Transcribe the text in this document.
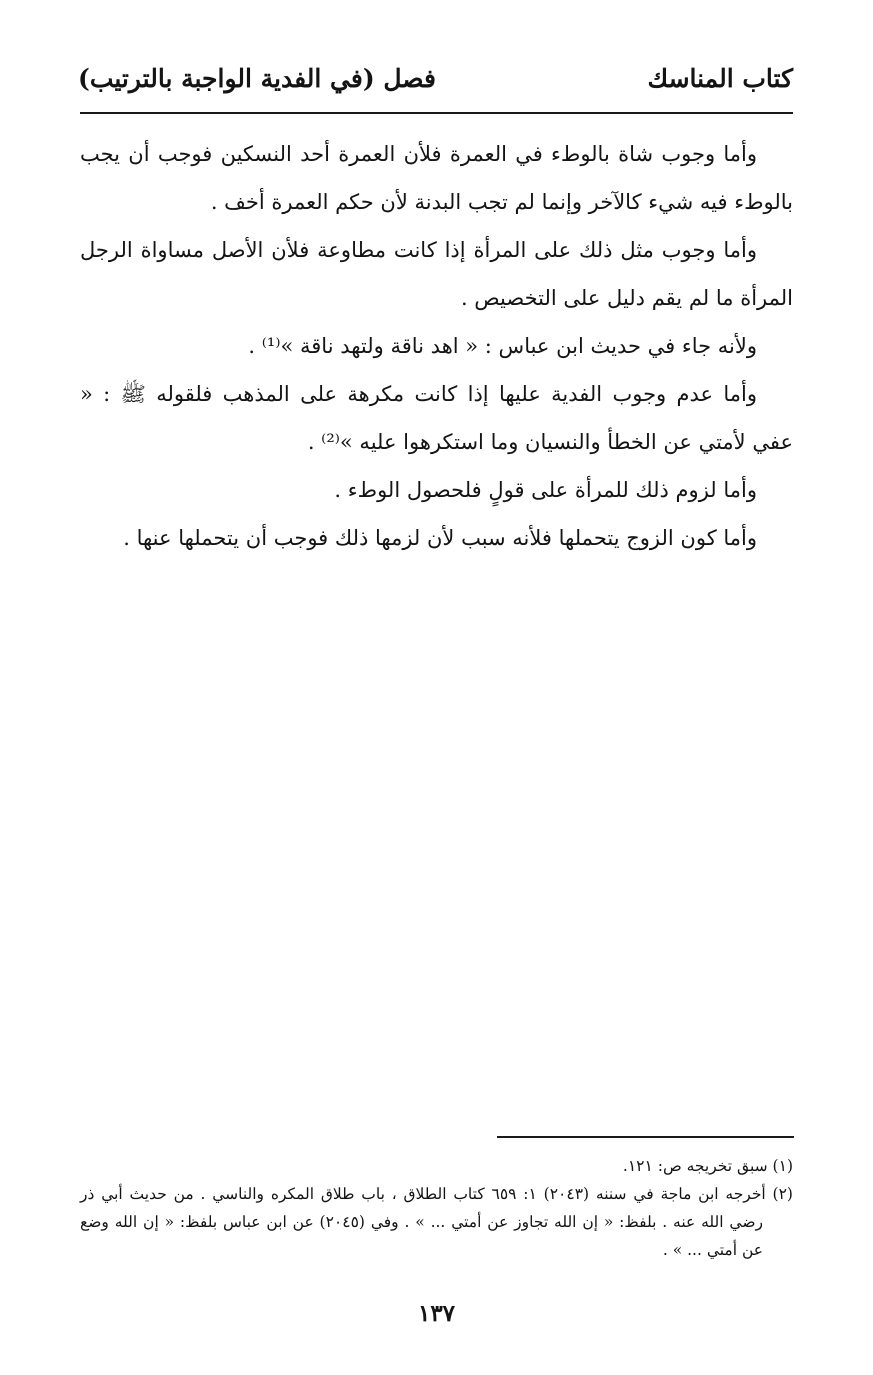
كتاب المناسك
فصل (في الفدية الواجبة بالترتيب)

وأما وجوب شاة بالوطء في العمرة فلأن العمرة أحد النسكين فوجب أن يجب بالوطء فيه شيء كالآخر وإنما لم تجب البدنة لأن حكم العمرة أخف .

وأما وجوب مثل ذلك على المرأة إذا كانت مطاوعة فلأن الأصل مساواة الرجل المرأة ما لم يقم دليل على التخصيص .

ولأنه جاء في حديث ابن عباس : « اهد ناقة ولتهد ناقة »⁽¹⁾ .

وأما عدم وجوب الفدية عليها إذا كانت مكرهة على المذهب فلقوله ﷺ : « عفي لأمتي عن الخطأ والنسيان وما استكرهوا عليه »⁽²⁾ .

وأما لزوم ذلك للمرأة على قولٍ فلحصول الوطء .

وأما كون الزوج يتحملها فلأنه سبب لأن لزمها ذلك فوجب أن يتحملها عنها .

(١) سبق تخريجه ص: ١٢١.

(٢) أخرجه ابن ماجة في سننه (٢٠٤٣) ١: ٦٥٩ كتاب الطلاق ، باب طلاق المكره والناسي . من حديث أبي ذر رضي الله عنه . بلفظ: « إن الله تجاوز عن أمتي ... » . وفي (٢٠٤٥) عن ابن عباس بلفظ: « إن الله وضع عن أمتي ... » .

١٣٧
